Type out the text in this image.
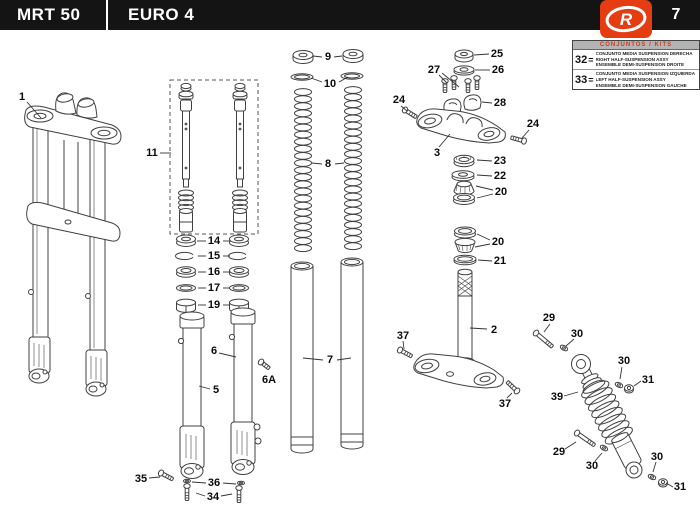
1
11
14
15
16
17
19
6
6A
5
35	36
34
9
10
8
7
25
26
27
28
24
24
3
23
22
20
20
21
2
37
37
29
30
30
31
39
29
30
30
31
MRT 50	EURO 4	R	7
CONJUNTOS / KITS
32 =
CONJUNTO MEDIA SUSPENSION DERECHA
RIGHT HALF-SUSPENSION ASSY
ENSEMBLE DEMI-SUSPENSION DROITE
33 =
CONJUNTO MEDIA SUSPENSION IZQUIERDA
LEFT HALF-SUSPENSION ASSY
ENSEMBLE DEMI-SUSPENSION GAUCHE
